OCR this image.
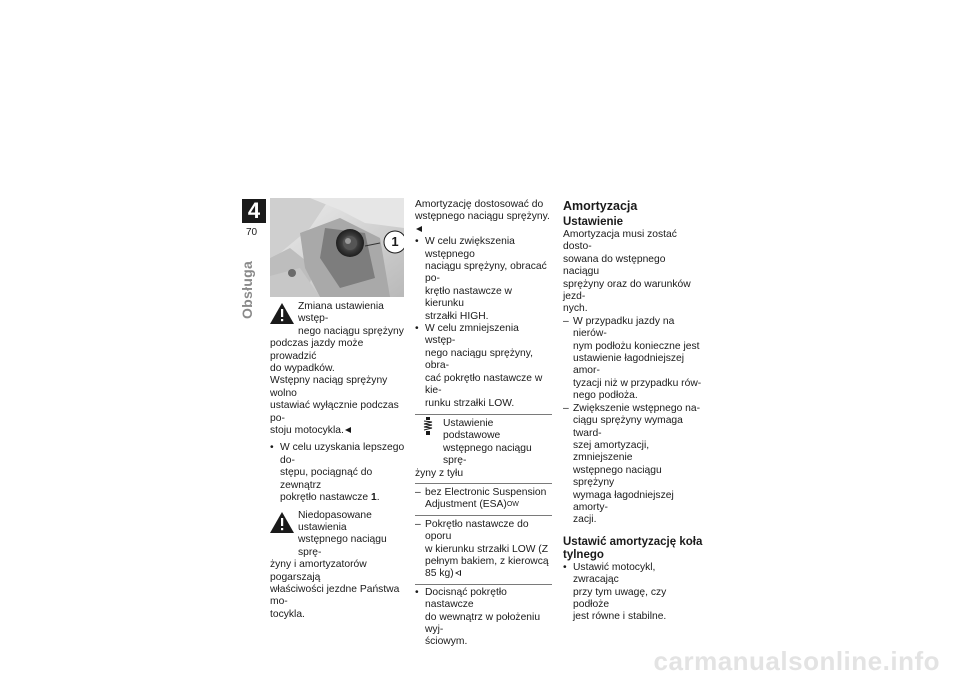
4
70
Obsługa
1

Zmiana ustawienia wstęp-

nego naciągu sprężyny

podczas jazdy może prowadzić

do wypadków.

Wstępny naciąg sprężyny wolno

ustawiać wyłącznie podczas po-

stoju motocykla.

• W celu uzyskania lepszego do-

stępu, pociągnąć do zewnątrz

pokrętło nastawcze 1.

Niedopasowane ustawienia

wstępnego naciągu sprę-

żyny i amortyzatorów pogarszają

właściwości jezdne Państwa mo-

tocykla.

Amortyzację dostosować do

wstępnego naciągu sprężyny.

• W celu zwiększenia wstępnego

naciągu sprężyny, obracać po-

krętło nastawcze w kierunku

strzałki HIGH.

• W celu zmniejszenia wstęp-

nego naciągu sprężyny, obra-

cać pokrętło nastawcze w kie-

runku strzałki LOW.

Ustawienie podstawowe

wstępnego naciągu sprę-

żyny z tyłu

– bez Electronic Suspension

Adjustment (ESA)$^{OW}$

– Pokrętło nastawcze do oporu

w kierunku strzałki LOW (Z

pełnym bakiem, z kierowcą

85 kg)

• Docisnąć pokrętło nastawcze

do wewnątrz w położeniu wyj-

ściowym.

Amortyzacja

Ustawienie

Amortyzacja musi zostać dosto-

sowana do wstępnego naciągu

sprężyny oraz do warunków jezd-

nych.

– W przypadku jazdy na nierów-

nym podłożu konieczne jest

ustawienie łagodniejszej amor-

tyzacji niż w przypadku rów-

nego podłoża.

– Zwiększenie wstępnego na-

ciągu sprężyny wymaga tward-

szej amortyzacji, zmniejszenie

wstępnego naciągu sprężyny

wymaga łagodniejszej amorty-

zacji.

Ustawić amortyzację koła

tylnego

• Ustawić motocykl, zwracając

przy tym uwagę, czy podłoże

jest równe i stabilne.

carmanualsonline.info
